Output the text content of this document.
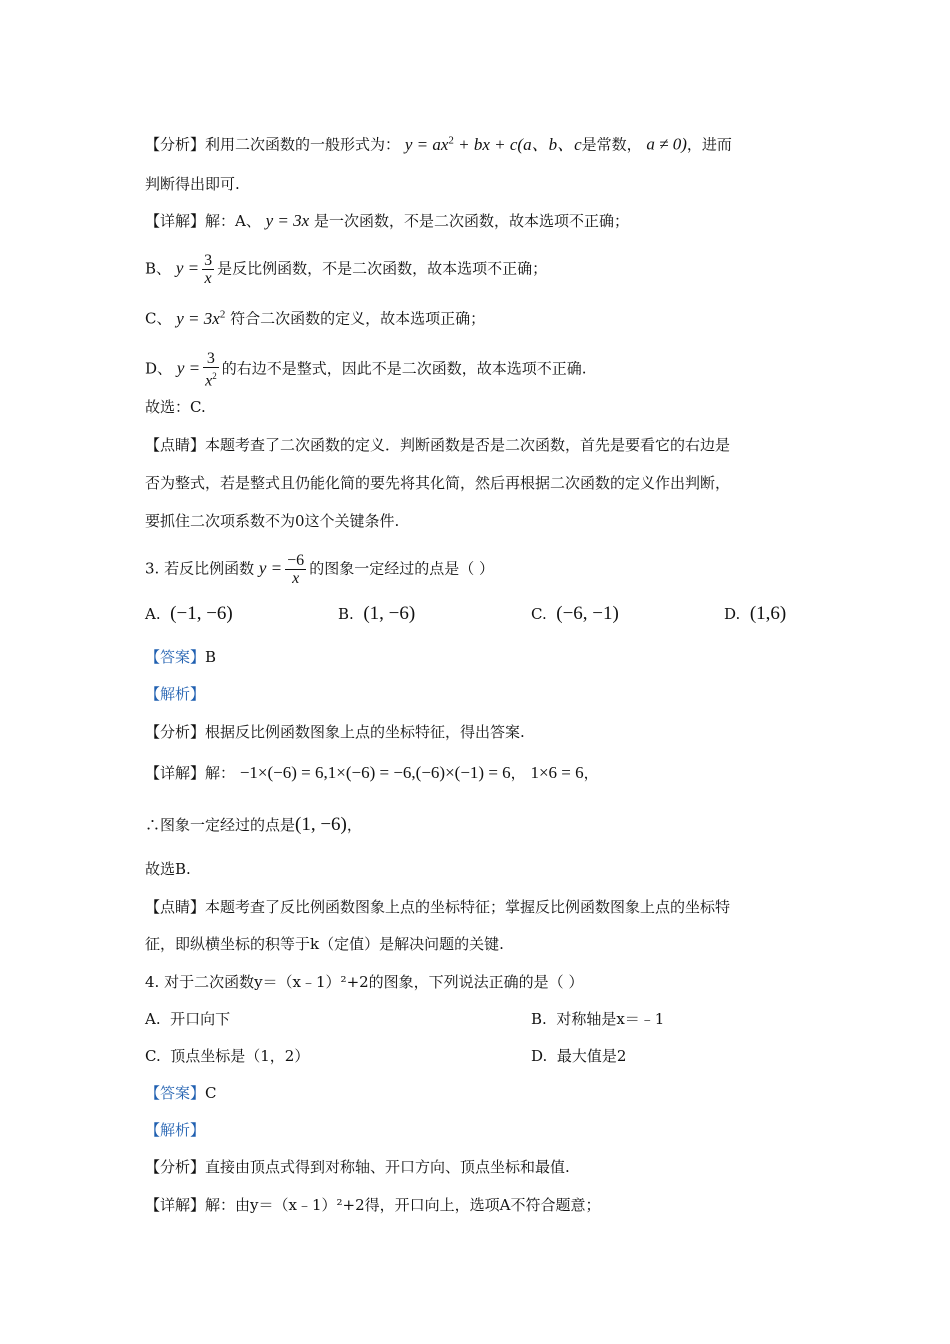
【分析】利用二次函数的一般形式为： $y = ax^2$ + bx + c(a、b、c是常数， a ≠ 0)，进而
判断得出即可.
【详解】解：A、 y = 3x 是一次函数，不是二次函数，故本选项不正确；
B、 $y = \frac{3}{x}$ 是反比例函数，不是二次函数，故本选项不正确；
C、 $y = 3x^2$ 符合二次函数的定义，故本选项正确；
D、 $y = \frac{3}{x^2}$ 的右边不是整式，因此不是二次函数，故本选项不正确.
故选：C.
【点睛】本题考查了二次函数的定义．判断函数是否是二次函数，首先是要看它的右边是
否为整式，若是整式且仍能化简的要先将其化简，然后再根据二次函数的定义作出判断，
要抓住二次项系数不为0这个关键条件.
3. 若反比例函数 $y = \frac{-6}{x}$ 的图象一定经过的点是（ ）
A. (−1, −6)	B. (1, −6)	C. (−6, −1)	D. (1,6)
【答案】B
【解析】
【分析】根据反比例函数图象上点的坐标特征，得出答案.
【详解】解： −1×(−6) = 6,1×(−6) = −6,(−6)×(−1) = 6， 1×6 = 6，
∴图象一定经过的点是(1, −6)，
故选B.
【点睛】本题考查了反比例函数图象上点的坐标特征；掌握反比例函数图象上点的坐标特
征，即纵横坐标的积等于k（定值）是解决问题的关键.
4. 对于二次函数y＝（x﹣1）²+2的图象，下列说法正确的是（ ）
A. 开口向下	B. 对称轴是x＝﹣1
C. 顶点坐标是（1，2）	D. 最大值是2
【答案】C
【解析】
【分析】直接由顶点式得到对称轴、开口方向、顶点坐标和最值.
【详解】解：由y＝（x﹣1）²+2得，开口向上，选项A不符合题意；
